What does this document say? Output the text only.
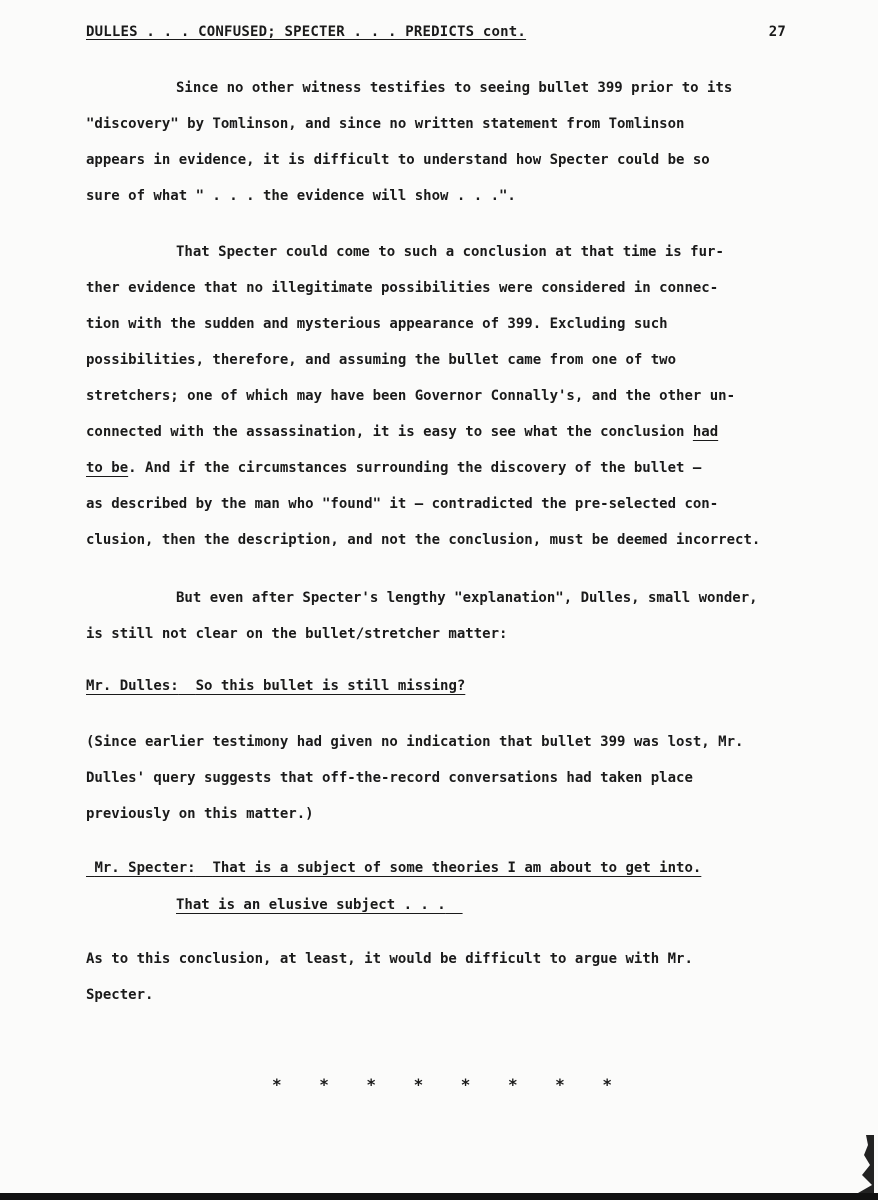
DULLES . . . CONFUSED; SPECTER . . . PREDICTS cont.	27

Since no other witness testifies to seeing bullet 399 prior to its
"discovery" by Tomlinson, and since no written statement from Tomlinson
appears in evidence, it is difficult to understand how Specter could be so
sure of what " . . . the evidence will show . . .".

That Specter could come to such a conclusion at that time is fur-
ther evidence that no illegitimate possibilities were considered in connec-
tion with the sudden and mysterious appearance of 399. Excluding such
possibilities, therefore, and assuming the bullet came from one of two
stretchers; one of which may have been Governor Connally's, and the other un-
connected with the assassination, it is easy to see what the conclusion had
to be. And if the circumstances surrounding the discovery of the bullet —
as described by the man who "found" it — contradicted the pre-selected con-
clusion, then the description, and not the conclusion, must be deemed incorrect.

But even after Specter's lengthy "explanation", Dulles, small wonder,
is still not clear on the bullet/stretcher matter:

Mr. Dulles: So this bullet is still missing?

(Since earlier testimony had given no indication that bullet 399 was lost, Mr.
Dulles' query suggests that off-the-record conversations had taken place
previously on this matter.)

Mr. Specter: That is a subject of some theories I am about to get into.
That is an elusive subject . . .

As to this conclusion, at least, it would be difficult to argue with Mr.
Specter.

* * * * * * * *
